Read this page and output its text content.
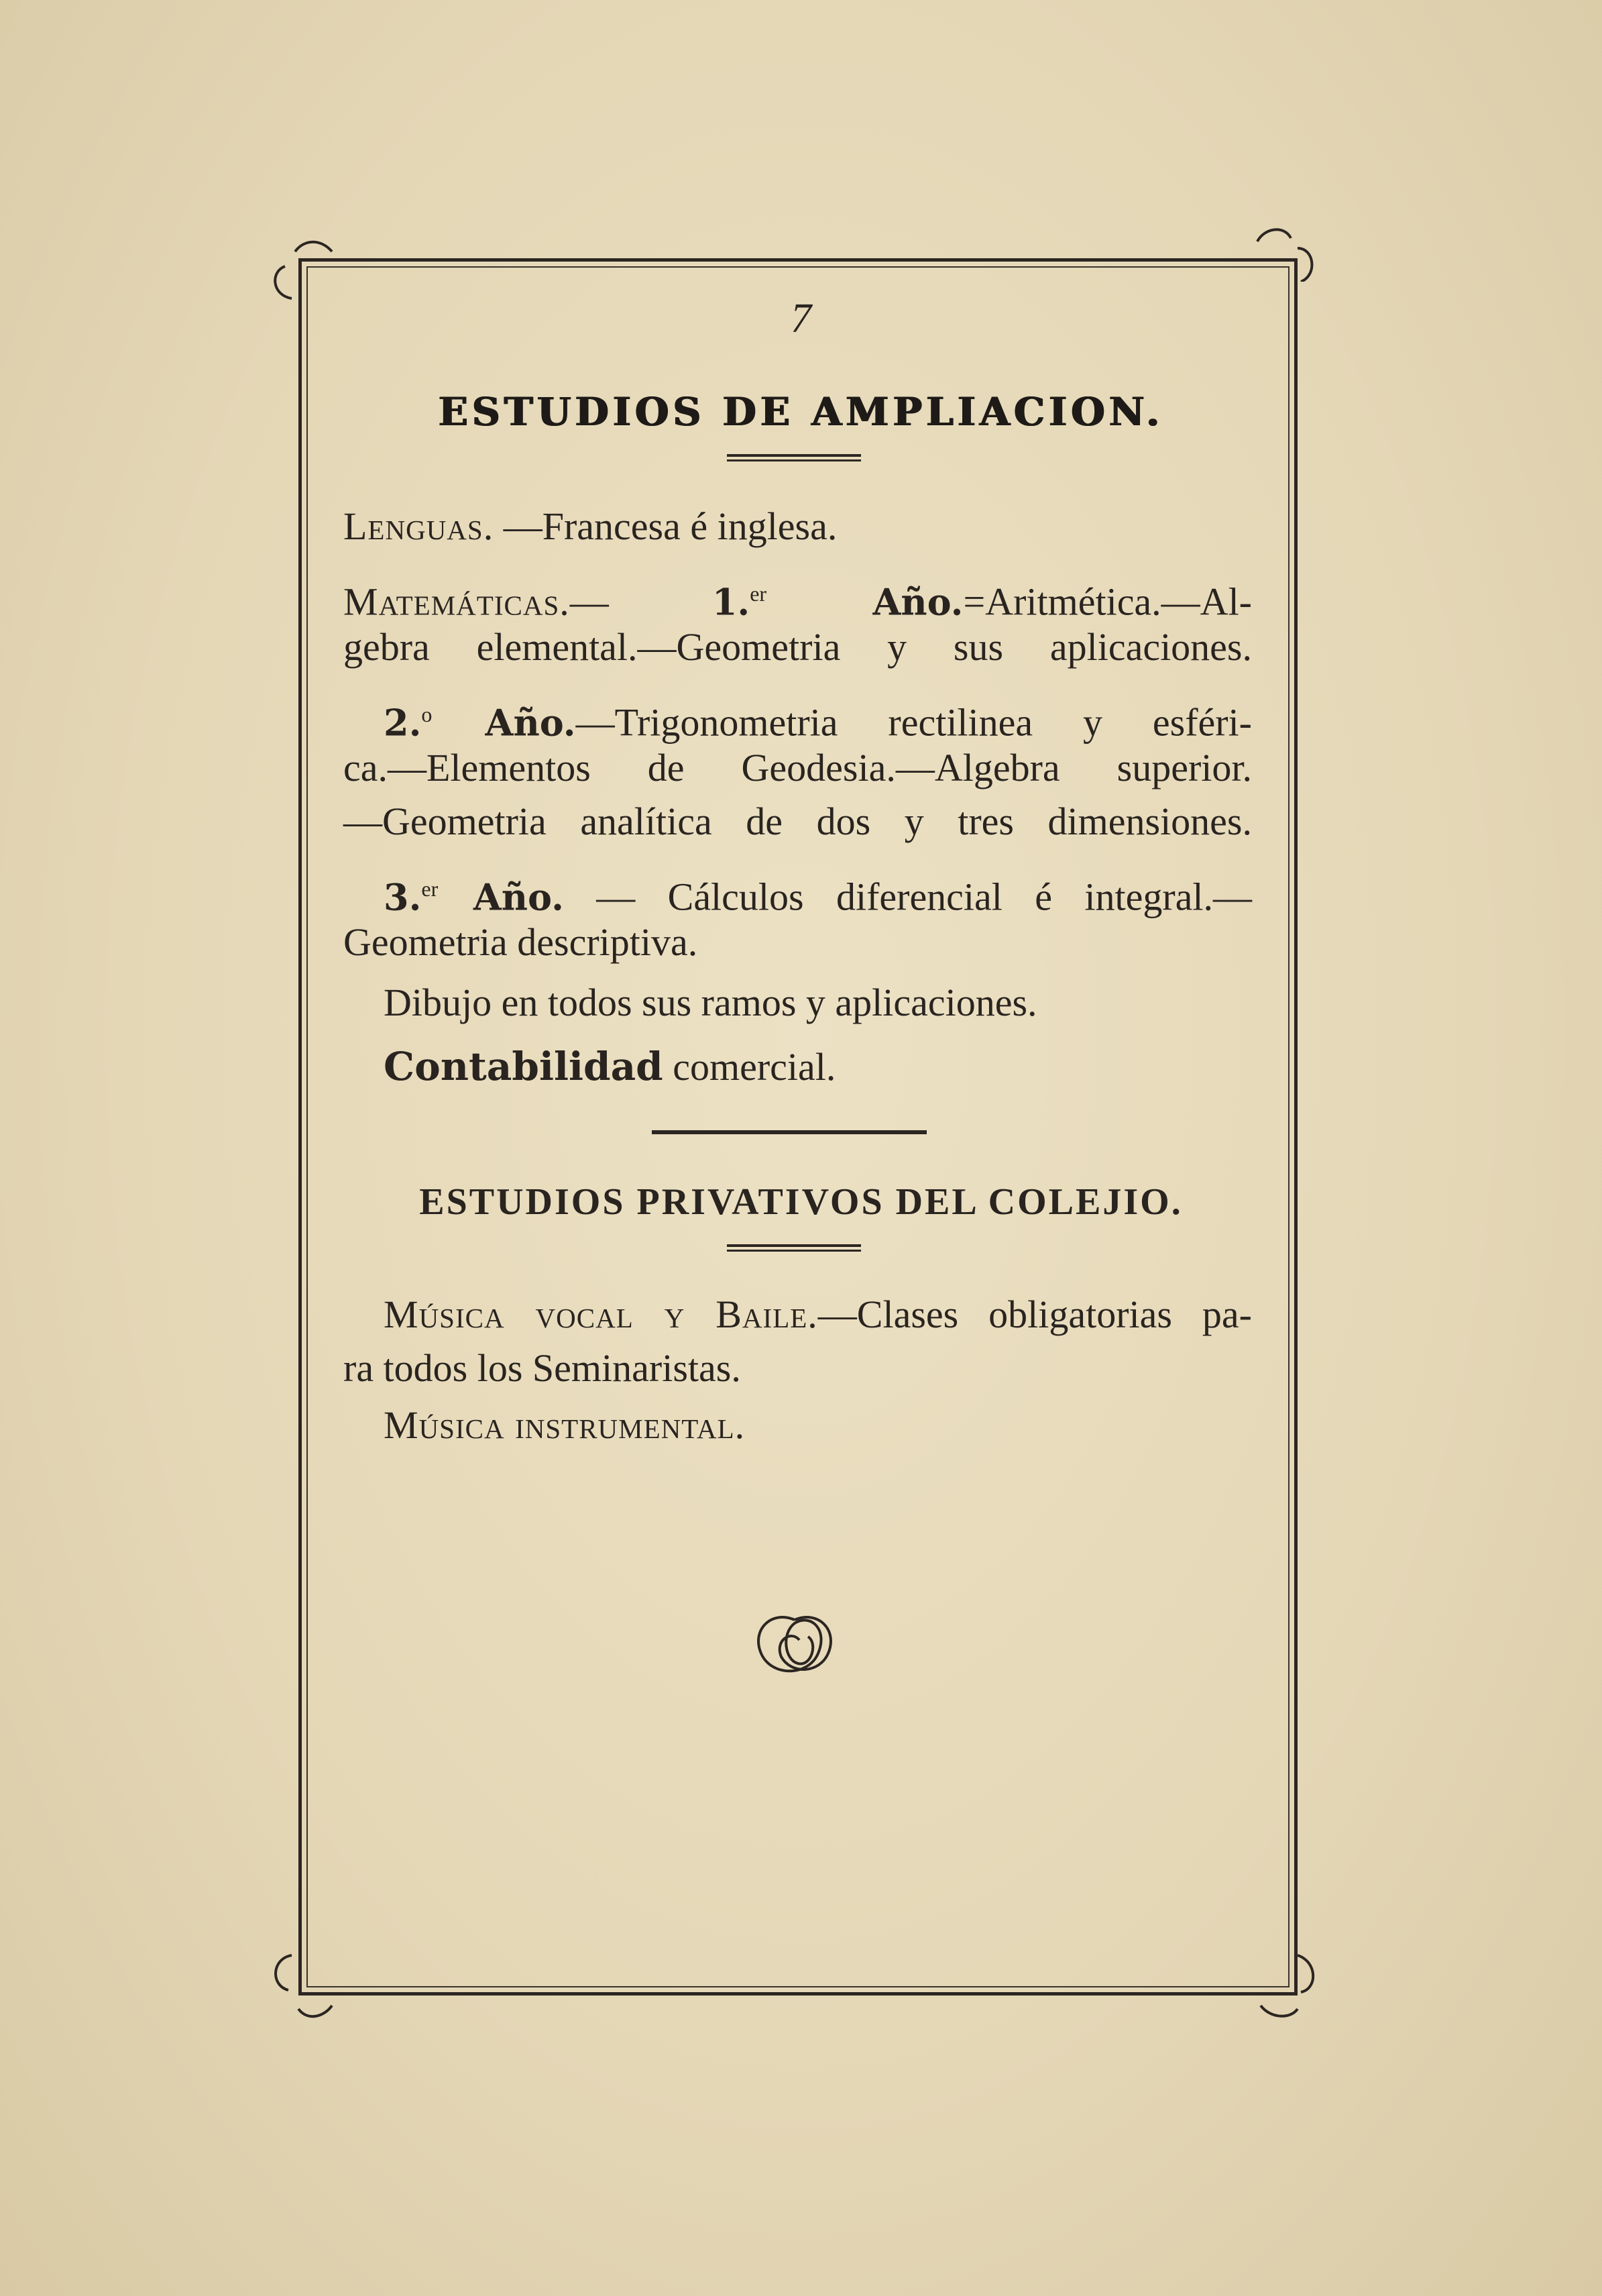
7
ESTUDIOS DE AMPLIACION.
Lenguas. —Francesa é inglesa.
Matemáticas.— 1.$^{er}$ Año.=Aritmética.—Al-
gebra elemental.—Geometria y sus aplicaciones.
2.$^o$ Año.—Trigonometria rectilinea y esféri-
ca.—Elementos de Geodesia.—Algebra superior.
—Geometria analítica de dos y tres dimensiones.
3.$^{er}$ Año. — Cálculos diferencial é integral.—
Geometria descriptiva.
Dibujo en todos sus ramos y aplicaciones.
Contabilidad comercial.
ESTUDIOS PRIVATIVOS DEL COLEJIO.
Música vocal y Baile.—Clases obligatorias pa-
ra todos los Seminaristas.
Música instrumental.
